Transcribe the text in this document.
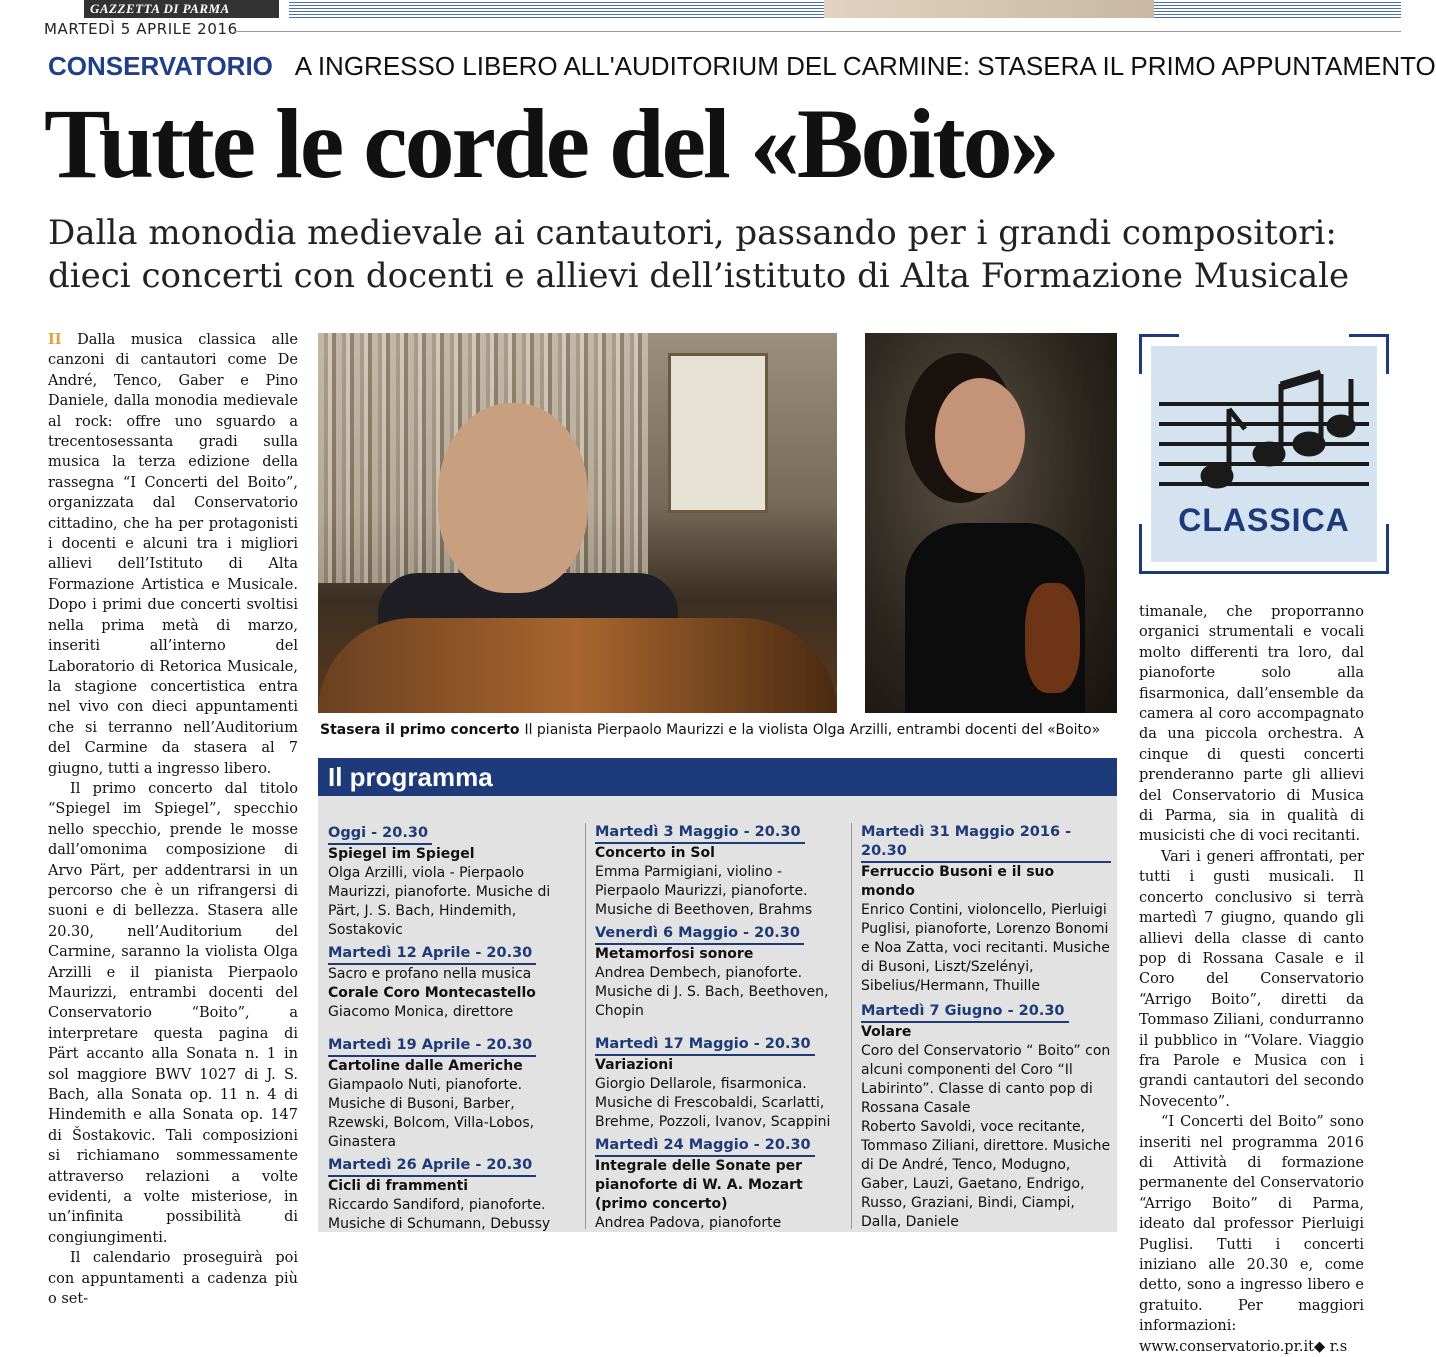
GAZZETTA DI PARMA
MARTEDÌ 5 APRILE 2016
CONSERVATORIO A INGRESSO LIBERO ALL'AUDITORIUM DEL CARMINE: STASERA IL PRIMO APPUNTAMENTO
Tutte le corde del «Boito»
Dalla monodia medievale ai cantautori, passando per i grandi compositori:
dieci concerti con docenti e allievi dell’istituto di Alta Formazione Musicale

II Dalla musica classica alle canzoni di cantautori come De André, Tenco, Gaber e Pino Daniele, dalla monodia medievale al rock: offre uno sguardo a trecentosessanta gradi sulla musica la terza edizione della rassegna “I Concerti del Boito”, organizzata dal Conservatorio cittadino, che ha per protagonisti i docenti e alcuni tra i migliori allievi dell’Istituto di Alta Formazione Artistica e Musicale. Dopo i primi due concerti svoltisi nella prima metà di marzo, inseriti all’interno del Laboratorio di Retorica Musicale, la stagione concertistica entra nel vivo con dieci appuntamenti che si terranno nell’Auditorium del Carmine da stasera al 7 giugno, tutti a ingresso libero.

Il primo concerto dal titolo “Spiegel im Spiegel”, specchio nello specchio, prende le mosse dall’omonima composizione di Arvo Pärt, per addentrarsi in un percorso che è un rifrangersi di suoni e di bellezza. Stasera alle 20.30, nell’Auditorium del Carmine, saranno la violista Olga Arzilli e il pianista Pierpaolo Maurizzi, entrambi docenti del Conservatorio “Boito”, a interpretare questa pagina di Pärt accanto alla Sonata n. 1 in sol maggiore BWV 1027 di J. S. Bach, alla Sonata op. 11 n. 4 di Hindemith e alla Sonata op. 147 di Šostakovic. Tali composizioni si richiamano sommessamente attraverso relazioni a volte evidenti, a volte misteriose, in un’infinita possibilità di congiungimenti.

Il calendario proseguirà poi con appuntamenti a cadenza più o set-

Stasera il primo concerto Il pianista Pierpaolo Maurizzi e la violista Olga Arzilli, entrambi docenti del «Boito»
CLASSICA

timanale, che proporranno organici strumentali e vocali molto differenti tra loro, dal pianoforte solo alla fisarmonica, dall’ensemble da camera al coro accompagnato da una piccola orchestra. A cinque di questi concerti prenderanno parte gli allievi del Conservatorio di Musica di Parma, sia in qualità di musicisti che di voci recitanti.

Vari i generi affrontati, per tutti i gusti musicali. Il concerto conclusivo si terrà martedì 7 giugno, quando gli allievi della classe di canto pop di Rossana Casale e il Coro del Conservatorio “Arrigo Boito”, diretti da Tommaso Ziliani, condurranno il pubblico in “Volare. Viaggio fra Parole e Musica con i grandi cantautori del secondo Novecento”.

“I Concerti del Boito” sono inseriti nel programma 2016 di Attività di formazione permanente del Conservatorio “Arrigo Boito” di Parma, ideato dal professor Pierluigi Puglisi. Tutti i concerti iniziano alle 20.30 e, come detto, sono a ingresso libero e gratuito. Per maggiori informazioni: www.conservatorio.pr.it◆ r.s

Il programma
Oggi - 20.30
Spiegel im Spiegel
Olga Arzilli, viola - Pierpaolo Maurizzi, pianoforte. Musiche di Pärt, J. S. Bach, Hindemith, Sostakovic
Martedì 12 Aprile - 20.30
Sacro e profano nella musica
Corale Coro Montecastello
Giacomo Monica, direttore
Martedì 19 Aprile - 20.30
Cartoline dalle Americhe
Giampaolo Nuti, pianoforte. Musiche di Busoni, Barber, Rzewski, Bolcom, Villa-Lobos, Ginastera
Martedì 26 Aprile - 20.30
Cicli di frammenti
Riccardo Sandiford, pianoforte. Musiche di Schumann, Debussy
Martedì 3 Maggio - 20.30
Concerto in Sol
Emma Parmigiani, violino - Pierpaolo Maurizzi, pianoforte. Musiche di Beethoven, Brahms
Venerdì 6 Maggio - 20.30
Metamorfosi sonore
Andrea Dembech, pianoforte. Musiche di J. S. Bach, Beethoven, Chopin
Martedì 17 Maggio - 20.30
Variazioni
Giorgio Dellarole, fisarmonica. Musiche di Frescobaldi, Scarlatti, Brehme, Pozzoli, Ivanov, Scappini
Martedì 24 Maggio - 20.30
Integrale delle Sonate per pianoforte di W. A. Mozart (primo concerto)
Andrea Padova, pianoforte
Martedì 31 Maggio 2016 - 20.30
Ferruccio Busoni e il suo mondo
Enrico Contini, violoncello, Pierluigi Puglisi, pianoforte, Lorenzo Bonomi e Noa Zatta, voci recitanti. Musiche di Busoni, Liszt/Szelényi, Sibelius/Hermann, Thuille
Martedì 7 Giugno - 20.30
Volare
Coro del Conservatorio “ Boito” con alcuni componenti del Coro “Il Labirinto”. Classe di canto pop di Rossana Casale
Roberto Savoldi, voce recitante, Tommaso Ziliani, direttore. Musiche di De André, Tenco, Modugno, Gaber, Lauzi, Gaetano, Endrigo, Russo, Graziani, Bindi, Ciampi, Dalla, Daniele
